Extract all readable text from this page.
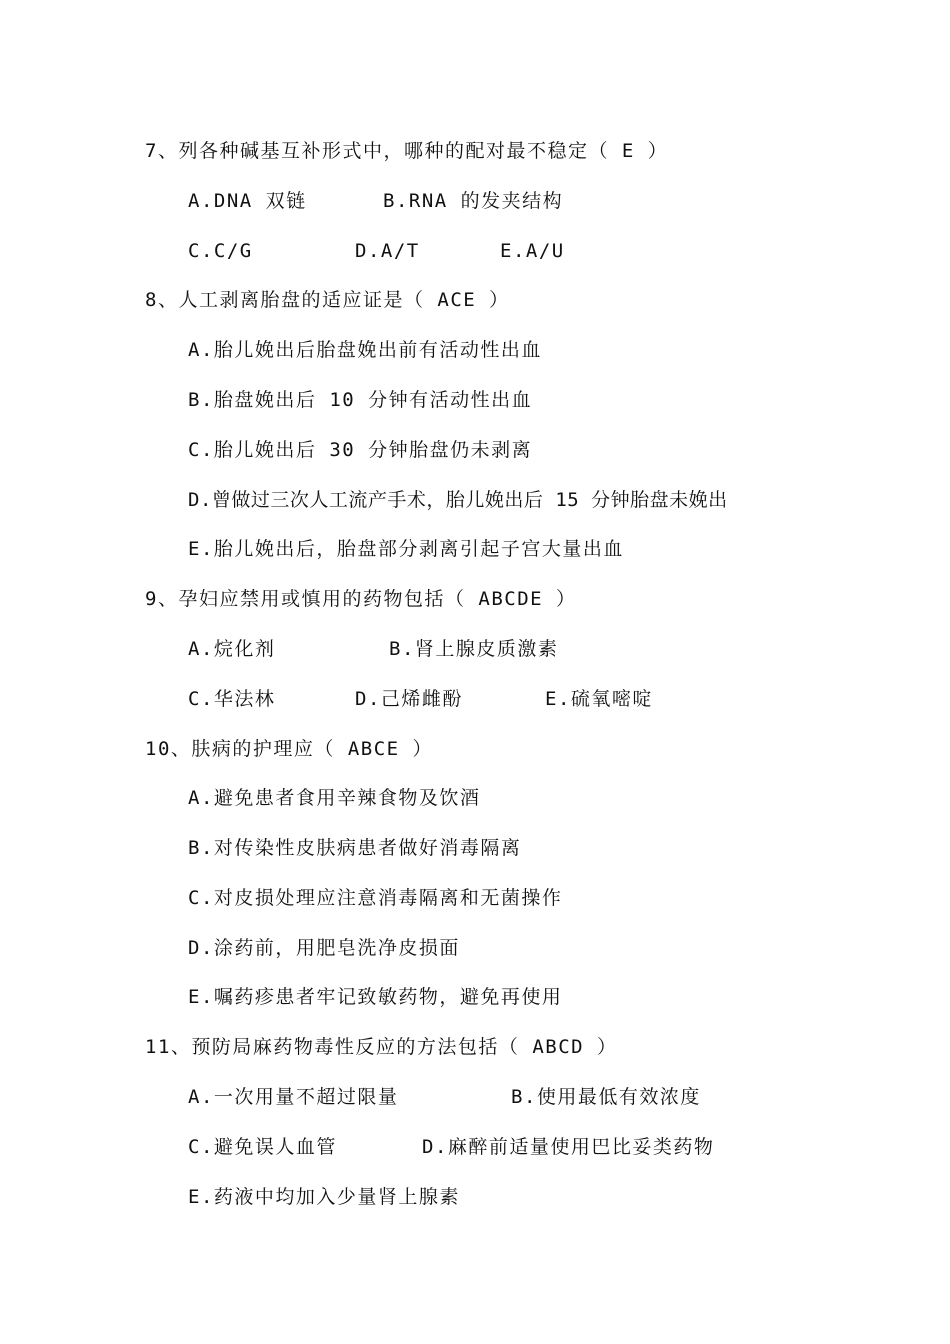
7、列各种碱基互补形式中，哪种的配对最不稳定（ E ）
A.DNA 双链	B.RNA 的发夹结构
C.C/G	D.A/T	E.A/U
8、人工剥离胎盘的适应证是（ ACE ）
A.胎儿娩出后胎盘娩出前有活动性出血
B.胎盘娩出后 10 分钟有活动性出血
C.胎儿娩出后 30 分钟胎盘仍未剥离
D.曾做过三次人工流产手术，胎儿娩出后 15 分钟胎盘未娩出
E.胎儿娩出后，胎盘部分剥离引起子宫大量出血
9、孕妇应禁用或慎用的药物包括（ ABCDE ）
A.烷化剂	B.肾上腺皮质激素
C.华法林	D.己烯雌酚	E.硫氧嘧啶
10、肤病的护理应（ ABCE ）
A.避免患者食用辛辣食物及饮酒
B.对传染性皮肤病患者做好消毒隔离
C.对皮损处理应注意消毒隔离和无菌操作
D.涂药前，用肥皂洗净皮损面
E.嘱药疹患者牢记致敏药物，避免再使用
11、预防局麻药物毒性反应的方法包括（ ABCD ）
A.一次用量不超过限量	B.使用最低有效浓度
C.避免误人血管	D.麻醉前适量使用巴比妥类药物
E.药液中均加入少量肾上腺素
